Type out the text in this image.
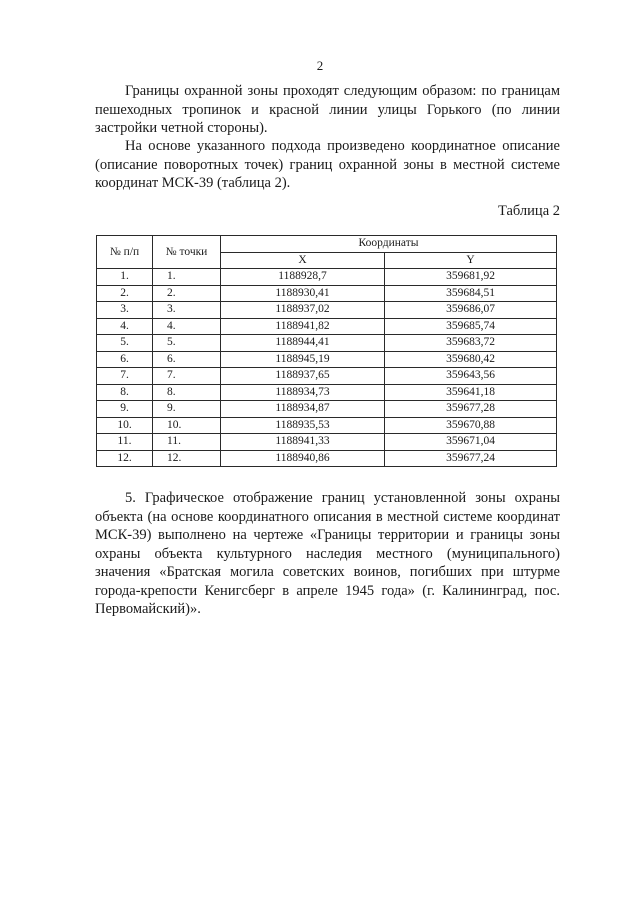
2

Границы охранной зоны проходят следующим образом: по границам пешеходных тропинок и красной линии улицы Горького (по линии застройки четной стороны).

На основе указанного подхода произведено координатное описание (описание поворотных точек) границ охранной зоны в местной системе координат МСК-39 (таблица 2).

Таблица 2
№ п/п	№ точки	Координаты	
		X	Y
1.	1.	1188928,7	359681,92
2.	2.	1188930,41	359684,51
3.	3.	1188937,02	359686,07
4.	4.	1188941,82	359685,74
5.	5.	1188944,41	359683,72
6.	6.	1188945,19	359680,42
7.	7.	1188937,65	359643,56
8.	8.	1188934,73	359641,18
9.	9.	1188934,87	359677,28
10.	10.	1188935,53	359670,88
11.	11.	1188941,33	359671,04
12.	12.	1188940,86	359677,24

5. Графическое отображение границ установленной зоны охраны объекта (на основе координатного описания в местной системе координат МСК-39) выполнено на чертеже «Границы территории и границы зоны охраны объекта культурного наследия местного (муниципального) значения «Братская могила советских воинов, погибших при штурме города-крепости Кенигсберг в апреле 1945 года» (г. Калининград, пос. Первомайский)».
